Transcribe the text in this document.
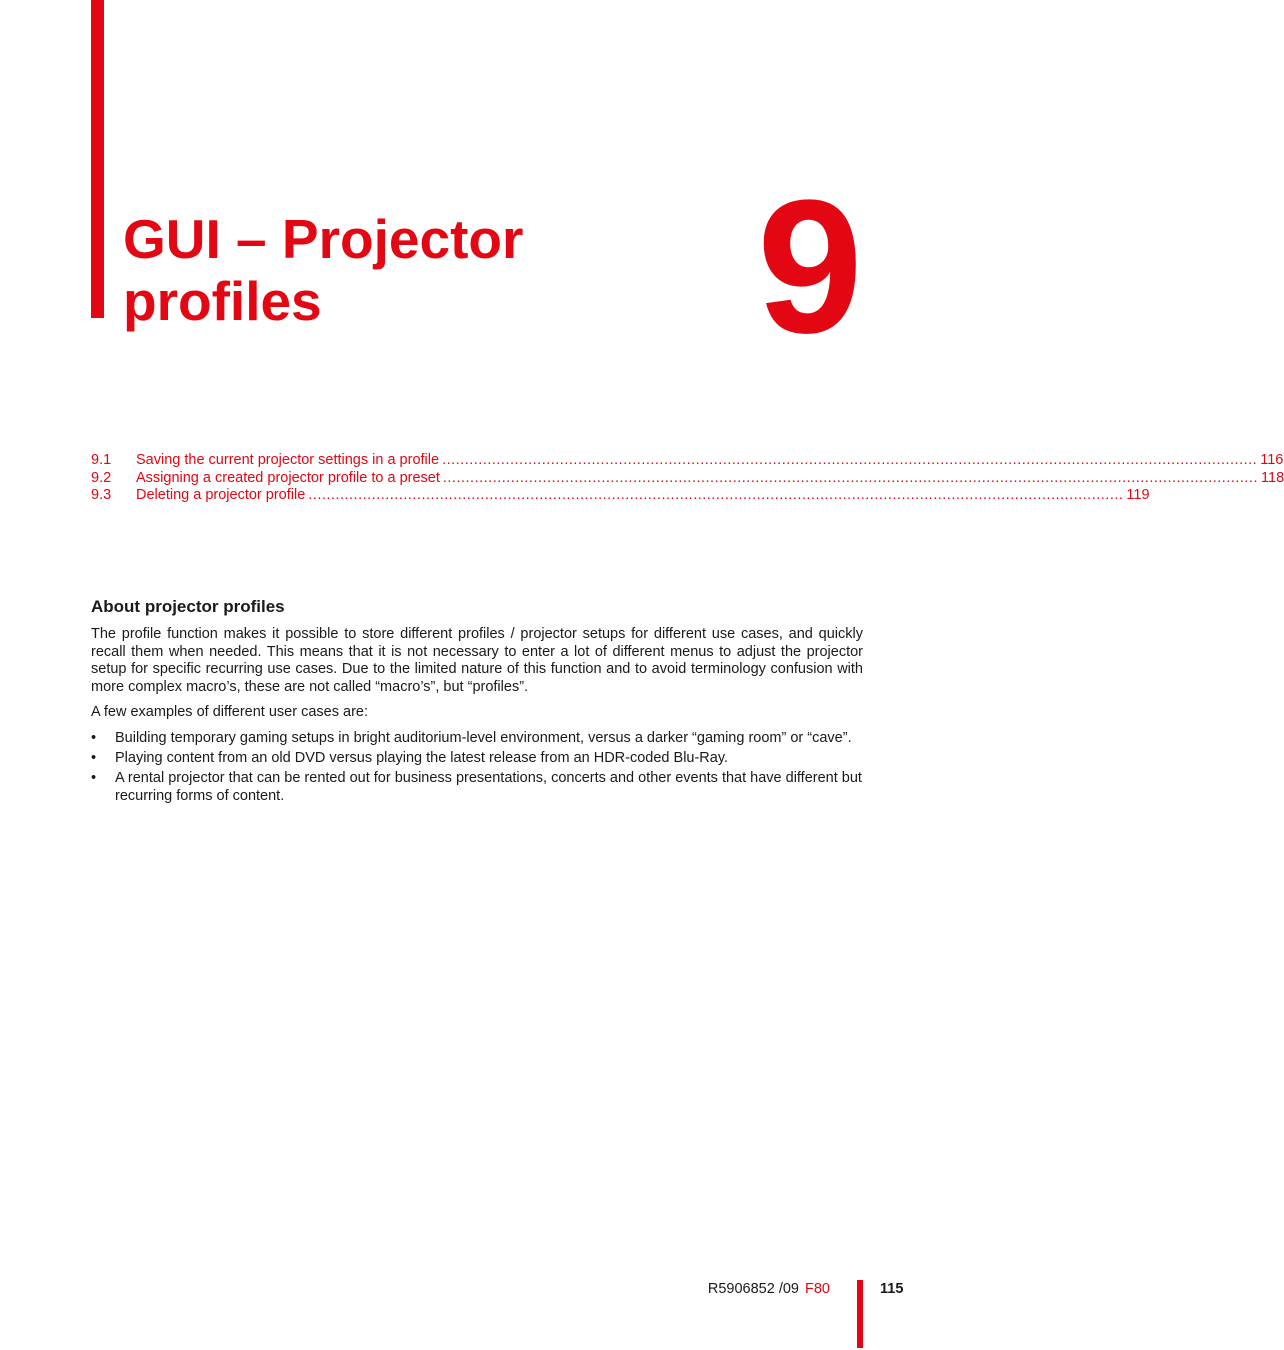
GUI – Projector profiles	9
9.1	Saving the current projector settings in a profile .................................................................................................................................................................................... 116
9.2	Assigning a created projector profile to a preset .................................................................................................................................................................................... 118
9.3	Deleting a projector profile .................................................................................................................................................................................... 119
About projector profiles

The profile function makes it possible to store different profiles / projector setups for different use cases, and quickly recall them when needed. This means that it is not necessary to enter a lot of different menus to adjust the projector setup for specific recurring use cases. Due to the limited nature of this function and to avoid terminology confusion with more complex macro’s, these are not called “macro’s”, but “profiles”.

A few examples of different user cases are:

• Building temporary gaming setups in bright auditorium-level environment, versus a darker “gaming room” or “cave”.
• Playing content from an old DVD versus playing the latest release from an HDR-coded Blu-Ray.
• A rental projector that can be rented out for business presentations, concerts and other events that have different but recurring forms of content.
R5906852 /09 F80	115
